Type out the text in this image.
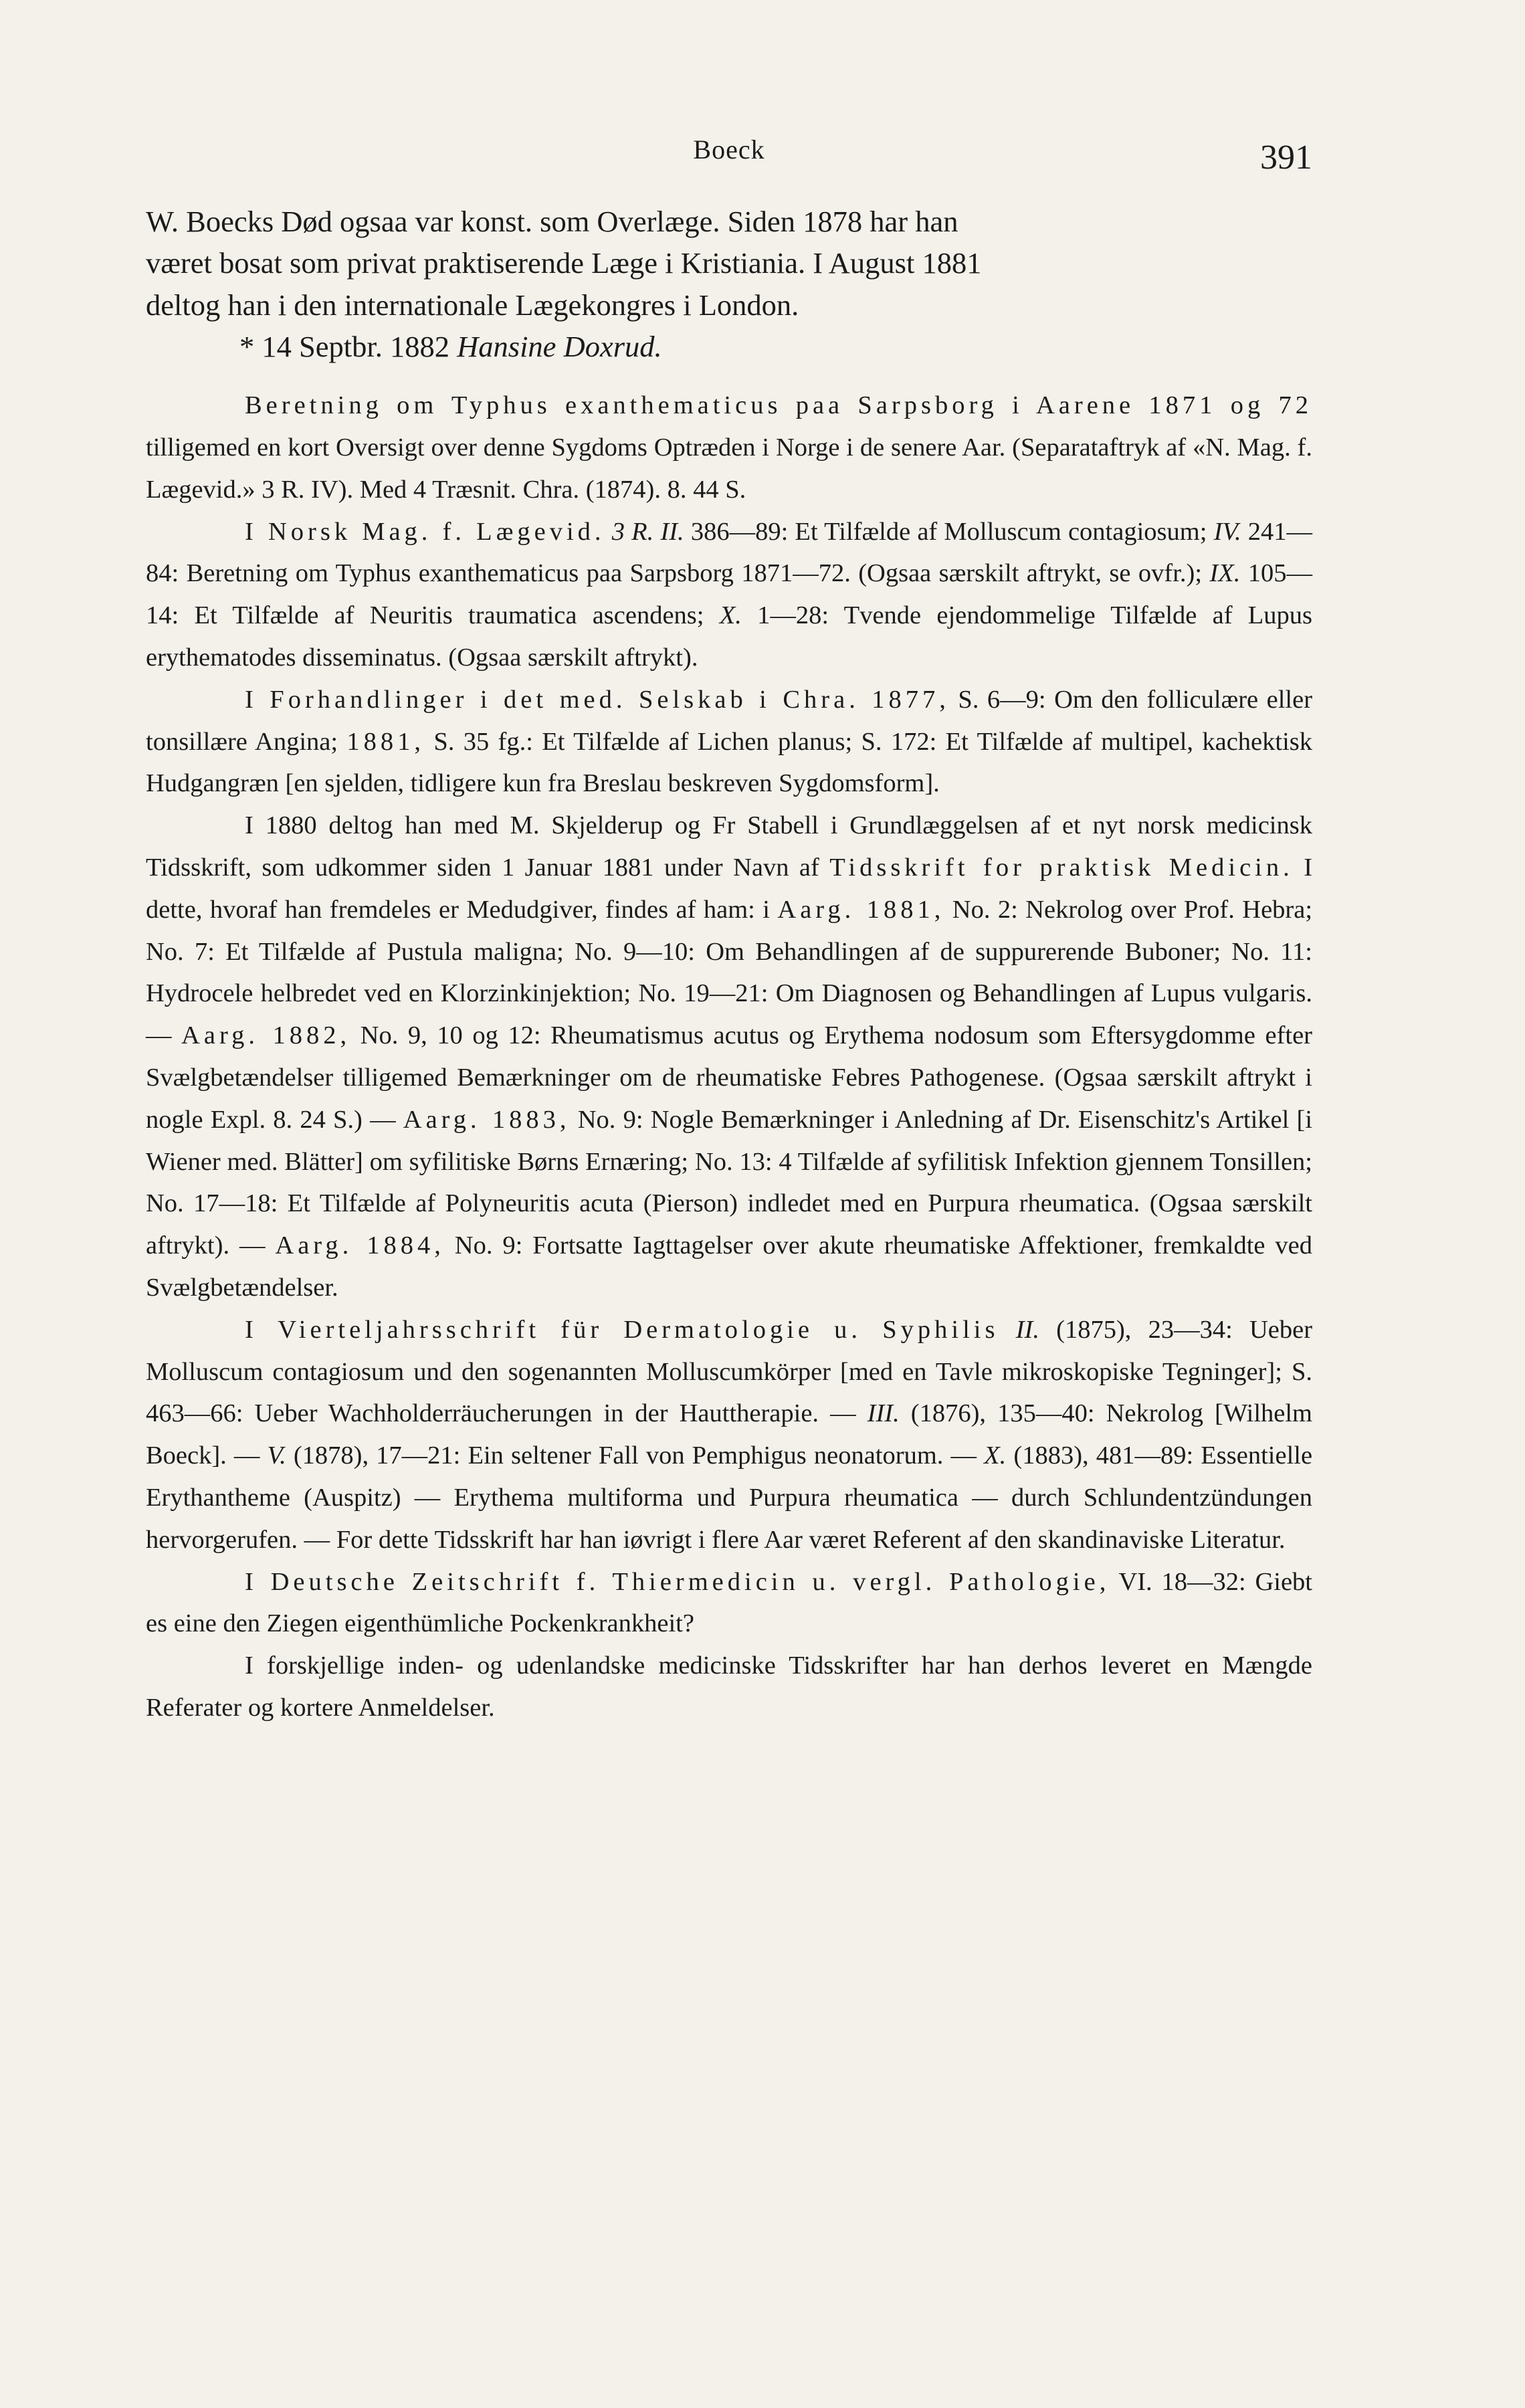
Boeck	391

W. Boecks Død ogsaa var konst. som Overlæge. Siden 1878 har han

været bosat som privat praktiserende Læge i Kristiania. I August 1881

deltog han i den internationale Lægekongres i London.

* 14 Septbr. 1882 Hansine Doxrud.

Beretning om Typhus exanthematicus paa Sarpsborg i Aarene 1871 og 72 tilligemed en kort Oversigt over denne Sygdoms Optræden i Norge i de senere Aar. (Separataftryk af «N. Mag. f. Lægevid.» 3 R. IV). Med 4 Træsnit. Chra. (1874). 8. 44 S.

I Norsk Mag. f. Lægevid. 3 R. II. 386—89: Et Tilfælde af Molluscum contagiosum; IV. 241—84: Beretning om Typhus exanthematicus paa Sarpsborg 1871—72. (Ogsaa særskilt aftrykt, se ovfr.); IX. 105—14: Et Tilfælde af Neuritis traumatica ascendens; X. 1—28: Tvende ejendommelige Tilfælde af Lupus erythematodes disseminatus. (Ogsaa særskilt aftrykt).

I Forhandlinger i det med. Selskab i Chra. 1877, S. 6—9: Om den folliculære eller tonsillære Angina; 1881, S. 35 fg.: Et Tilfælde af Lichen planus; S. 172: Et Tilfælde af multipel, kachektisk Hudgangræn [en sjelden, tidligere kun fra Breslau beskreven Sygdomsform].

I 1880 deltog han med M. Skjelderup og Fr Stabell i Grundlæggelsen af et nyt norsk medicinsk Tidsskrift, som udkommer siden 1 Januar 1881 under Navn af Tidsskrift for praktisk Medicin. I dette, hvoraf han fremdeles er Medudgiver, findes af ham: i Aarg. 1881, No. 2: Nekrolog over Prof. Hebra; No. 7: Et Tilfælde af Pustula maligna; No. 9—10: Om Behandlingen af de suppurerende Buboner; No. 11: Hydrocele helbredet ved en Klorzinkinjektion; No. 19—21: Om Diagnosen og Behandlingen af Lupus vulgaris. — Aarg. 1882, No. 9, 10 og 12: Rheumatismus acutus og Erythema nodosum som Eftersygdomme efter Svælgbetændelser tilligemed Bemærkninger om de rheumatiske Febres Pathogenese. (Ogsaa særskilt aftrykt i nogle Expl. 8. 24 S.) — Aarg. 1883, No. 9: Nogle Bemærkninger i Anledning af Dr. Eisenschitz's Artikel [i Wiener med. Blätter] om syfilitiske Børns Ernæring; No. 13: 4 Tilfælde af syfilitisk Infektion gjennem Tonsillen; No. 17—18: Et Tilfælde af Polyneuritis acuta (Pierson) indledet med en Purpura rheumatica. (Ogsaa særskilt aftrykt). — Aarg. 1884, No. 9: Fortsatte Iagttagelser over akute rheumatiske Affektioner, fremkaldte ved Svælgbetændelser.

I Vierteljahrsschrift für Dermatologie u. Syphilis II. (1875), 23—34: Ueber Molluscum contagiosum und den sogenannten Molluscumkörper [med en Tavle mikroskopiske Tegninger]; S. 463—66: Ueber Wachholderräucherungen in der Hauttherapie. — III. (1876), 135—40: Nekrolog [Wilhelm Boeck]. — V. (1878), 17—21: Ein seltener Fall von Pemphigus neonatorum. — X. (1883), 481—89: Essentielle Erythantheme (Auspitz) — Erythema multiforma und Purpura rheumatica — durch Schlundentzündungen hervorgerufen. — For dette Tidsskrift har han iøvrigt i flere Aar været Referent af den skandinaviske Literatur.

I Deutsche Zeitschrift f. Thiermedicin u. vergl. Pathologie, VI. 18—32: Giebt es eine den Ziegen eigenthümliche Pockenkrankheit?

I forskjellige inden- og udenlandske medicinske Tidsskrifter har han derhos leveret en Mængde Referater og kortere Anmeldelser.
